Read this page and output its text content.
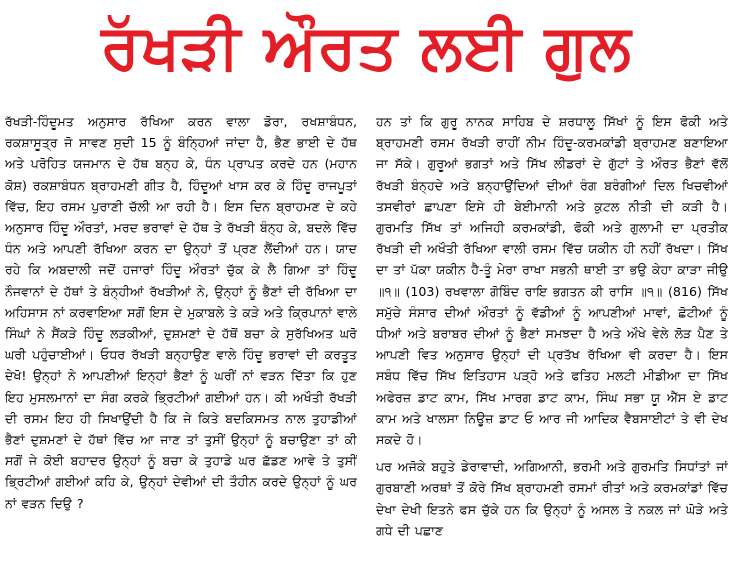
ਰੱਖੜੀ ਔਰਤ ਲਈ ਗੁਲ

ਰੱਖੜੀ-ਹਿੰਦੂਮਤ ਅਨੁਸਾਰ ਰੱਖਿਆ ਕਰਨ ਵਾਲਾ ਡੋਰਾ, ਰਖਸ਼ਾਬੰਧਨ, ਰਕਸ਼ਾਸੂਤ੍ਰ ਜੋ ਸਾਵਣ ਸੁਦੀ 15 ਨੂੰ ਬੰਨ੍ਹਿਆਂ ਜਾਂਦਾ ਹੈ, ਭੈਣ ਭਾਈ ਦੇ ਹੱਥ ਅਤੇ ਪਰੋਹਿਤ ਯਜਮਾਨ ਦੇ ਹੱਥ ਬਨ੍ਹ ਕੇ, ਧੰਨ ਪ੍ਰਾਪਤ ਕਰਦੇ ਹਨ (ਮਹਾਨ ਕੋਸ਼) ਰਕਸ਼ਾਬੰਧਨ ਬ੍ਰਾਹਮਣੀ ਗੀਤ ਹੈ, ਹਿੰਦੂਆਂ ਖਾਸ ਕਰ ਕੇ ਹਿੰਦੂ ਰਾਜਪੂਤਾਂ ਵਿੱਚ, ਇਹ ਰਸਮ ਪੁਰਾਣੀ ਚੱਲੀ ਆ ਰਹੀ ਹੈ। ਇਸ ਦਿਨ ਬ੍ਰਾਹਮਣ ਦੇ ਕਹੇ ਅਨੁਸਾਰ ਹਿੰਦੂ ਔਰਤਾਂ, ਮਰਦ ਭਰਾਵਾਂ ਦੇ ਹੱਥ ਤੇ ਰੱਖੜੀ ਬੰਨ੍ਹ ਕੇ, ਬਦਲੇ ਵਿੱਚ ਧੰਨ ਅਤੇ ਆਪਣੀ ਰੱਖਿਆ ਕਰਨ ਦਾ ਉਨ੍ਹਾਂ ਤੋਂ ਪ੍ਰਣ ਲੈਂਦੀਆਂ ਹਨ। ਯਾਦ ਰਹੇ ਕਿ ਅਬਦਾਲੀ ਜਦੋਂ ਹਜਾਰਾਂ ਹਿੰਦੂ ਔਰਤਾਂ ਚੁੱਕ ਕੇ ਲੈ ਗਿਆ ਤਾਂ ਹਿੰਦੂ ਨੌਜਵਾਨਾਂ ਦੇ ਹੱਥਾਂ ਤੇ ਬੰਨ੍ਹੀਆਂ ਰੱਖੜੀਆਂ ਨੇ, ਉਨ੍ਹਾਂ ਨੂੰ ਭੈਣਾਂ ਦੀ ਰੱਖਿਆ ਦਾ ਅਹਿਸਾਸ ਨਾਂ ਕਰਵਾਇਆ ਸਗੋਂ ਇਸ ਦੇ ਮੁਕਾਬਲੇ ਤੇ ਕੜੇ ਅਤੇ ਕ੍ਰਿਪਾਨਾਂ ਵਾਲੇ ਸਿੰਘਾਂ ਨੇ ਸੈਂਕੜੇ ਹਿੰਦੂ ਲੜਕੀਆਂ, ਦੁਸ਼ਮਣਾਂ ਦੇ ਹੱਥੋਂ ਬਚਾ ਕੇ ਸੁਰੱਖਿਅਤ ਘਰੋ ਘਰੀ ਪਹੁੰਚਾਈਆਂ। ਓਧਰ ਰੱਖੜੀ ਬਨ੍ਹਾਉਣ ਵਾਲੇ ਹਿੰਦੂ ਭਰਾਵਾਂ ਦੀ ਕਰਤੂਤ ਦੇਖੋ! ਉਨ੍ਹਾਂ ਨੇ ਆਪਣੀਆਂ ਇਨ੍ਹਾਂ ਭੈਣਾਂ ਨੂੰ ਘਰੀਂ ਨਾਂ ਵੜਨ ਦਿੱਤਾ ਕਿ ਹੁਣ ਇਹ ਮੁਸਲਮਾਨਾਂ ਦਾ ਸੰਗ ਕਰਕੇ ਭ੍ਰਿਟੀਆਂ ਗਈਆਂ ਹਨ। ਕੀ ਅਖੌਤੀ ਰੱਖੜੀ ਦੀ ਰਸਮ ਇਹ ਹੀ ਸਿਖਾਉਂਦੀ ਹੈ ਕਿ ਜੇ ਕਿਤੇ ਬਦਕਿਸਮਤ ਨਾਲ ਤੁਹਾਡੀਆਂ ਭੈਣਾਂ ਦੁਸ਼ਮਣਾਂ ਦੇ ਹੱਥਾਂ ਵਿੱਚ ਆ ਜਾਣ ਤਾਂ ਤੁਸੀਂ ਉਨ੍ਹਾਂ ਨੂੰ ਬਚਾਉਣਾ ਤਾਂ ਕੀ ਸਗੋਂ ਜੇ ਕੋਈ ਬਹਾਦਰ ਉਨ੍ਹਾਂ ਨੂੰ ਬਚਾ ਕੇ ਤੁਹਾਡੇ ਘਰ ਛੱਡਣ ਆਵੇ ਤੇ ਤੁਸੀਂ ਭ੍ਰਿਟੀਆਂ ਗਈਆਂ ਕਹਿ ਕੇ, ਉਨ੍ਹਾਂ ਦੇਵੀਆਂ ਦੀ ਤੌਹੀਨ ਕਰਦੇ ਉਨ੍ਹਾਂ ਨੂੰ ਘਰ ਨਾਂ ਵੜਨ ਦਿਉ ?

ਹਨ ਤਾਂ ਕਿ ਗੁਰੂ ਨਾਨਕ ਸਾਹਿਬ ਦੇ ਸ਼ਰਧਾਲੂ ਸਿੱਖਾਂ ਨੂੰ ਇਸ ਫੋਕੀ ਅਤੇ ਬ੍ਰਾਹਮਣੀ ਰਸਮ ਰੱਖੜੀ ਰਾਹੀਂ ਨੀਮ ਹਿੰਦੂ-ਕਰਮਕਾਂਡੀ ਬ੍ਰਾਹਮਣ ਬਣਾਇਆ ਜਾ ਸੱਕੇ। ਗੁਰੂਆਂ ਭਗਤਾਂ ਅਤੇ ਸਿੱਖ ਲੀਡਰਾਂ ਦੇ ਗੁੱਟਾਂ ਤੇ ਔਰਤ ਭੈਣਾਂ ਵੱਲੋਂ ਰੱਖੜੀ ਬੰਨ੍ਹਦੇ ਅਤੇ ਬਨ੍ਹਾਉਂਦਿਆਂ ਦੀਆਂ ਰੰਗ ਬਰੰਗੀਆਂ ਦਿਲ ਖਿਚਵੀਆਂ ਤਸਵੀਰਾਂ ਛਾਪਣਾ ਇਸੇ ਹੀ ਬੇਈਮਾਨੀ ਅਤੇ ਕੁਟਲ ਨੀਤੀ ਦੀ ਕੜੀ ਹੈ। ਗੁਰਮਤਿ ਸਿੱਖ ਤਾਂ ਅਜਿਹੀ ਕਰਮਕਾਂਡੀ, ਫੋਕੀ ਅਤੇ ਗੁਲਾਮੀ ਦਾ ਪ੍ਰਤੀਕ ਰੱਖੜੀ ਦੀ ਅਖੌਤੀ ਰੱਖਿਆ ਵਾਲੀ ਰਸਮ ਵਿੱਚ ਯਕੀਨ ਹੀ ਨਹੀਂ ਰੱਖਦਾ। ਸਿੱਖ ਦਾ ਤਾਂ ਪੱਕਾ ਯਕੀਨ ਹੈ-ਤੂੰ ਮੇਰਾ ਰਾਖਾ ਸਭਨੀ ਥਾਈ ਤਾ ਭਉ ਕੇਹਾ ਕਾੜਾ ਜੀਉ ॥੧॥ (103) ਰਖਵਾਲਾ ਗੋਬਿੰਦ ਰਾਇ ਭਗਤਨ ਕੀ ਰਾਸਿ ॥੧॥ (816) ਸਿੱਖ ਸਮੁੱਚੇ ਸੰਸਾਰ ਦੀਆਂ ਔਰਤਾਂ ਨੂੰ ਵੱਡੀਆਂ ਨੂੰ ਆਪਣੀਆਂ ਮਾਵਾਂ, ਛੋਟੀਆਂ ਨੂੰ ਧੀਆਂ ਅਤੇ ਬਰਾਬਰ ਦੀਆਂ ਨੂੰ ਭੈਣਾਂ ਸਮਝਦਾ ਹੈ ਅਤੇ ਔਖੇ ਵੇਲੇ ਲੋੜ ਪੈਣ ਤੇ ਆਪਣੀ ਵਿਤ ਅਨੁਸਾਰ ਉਨ੍ਹਾਂ ਦੀ ਪ੍ਰਤੱਖ ਰੱਖਿਆ ਵੀ ਕਰਦਾ ਹੈ। ਇਸ ਸਬੰਧ ਵਿੱਚ ਸਿੱਖ ਇਤਿਹਾਸ ਪੜ੍ਹੋ ਅਤੇ ਫਤਿਹ ਮਲਟੀ ਮੀਡੀਆ ਦਾ ਸਿੱਖ ਅਫੇਰਜ਼ ਡਾਟ ਕਾਮ, ਸਿੱਖ ਮਾਰਗ ਡਾਟ ਕਾਮ, ਸਿੰਘ ਸਭਾ ਯੂ ਐੱਸ ਏ ਡਾਟ ਕਾਮ ਅਤੇ ਖਾਲਸਾ ਨਿਊਜ਼ ਡਾਟ ਓ ਆਰ ਜੀ ਆਦਿਕ ਵੈਬਸਾਈਟਾਂ ਤੇ ਵੀ ਦੇਖ ਸਕਦੇ ਹੋ।

ਪਰ ਅਜੋਕੇ ਬਹੁਤੇ ਡੇਰਾਵਾਦੀ, ਅਗਿਆਨੀ, ਭਰਮੀ ਅਤੇ ਗੁਰਮਤਿ ਸਿਧਾਂਤਾਂ ਜਾਂ ਗੁਰਬਾਣੀ ਅਰਥਾਂ ਤੋਂ ਕੋਰੇ ਸਿੱਖ ਬ੍ਰਾਹਮਣੀ ਰਸਮਾਂ ਰੀਤਾਂ ਅਤੇ ਕਰਮਕਾਂਡਾਂ ਵਿੱਚ ਦੇਖਾ ਦੇਖੀ ਇਤਨੇ ਫਸ ਚੁੱਕੇ ਹਨ ਕਿ ਉਨ੍ਹਾਂ ਨੂੰ ਅਸਲ ਤੇ ਨਕਲ ਜਾਂ ਘੋੜੇ ਅਤੇ ਗਧੇ ਦੀ ਪਛਾਣ
